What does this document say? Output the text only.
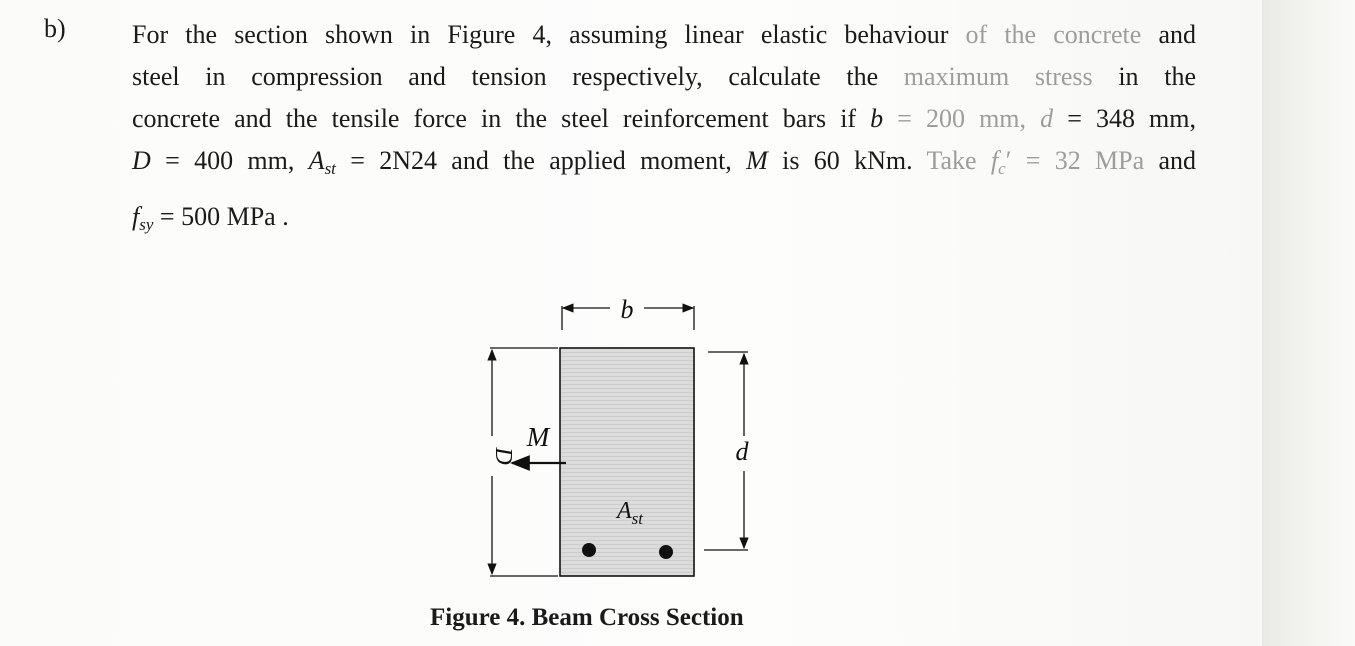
b)	For the section shown in Figure 4, assuming linear elastic behaviour of the concrete and
steel in compression and tension respectively, calculate the maximum stress in the
concrete and the tensile force in the steel reinforcement bars if b = 200 mm, d = 348 mm,
D = 400 mm, $A_{st} = 2N24$ and the applied moment, M is 60 kNm. Take $f_c' = 32$ MPa and
$f_{sy} = 500$ MPa .
b
D	d
M
$A_{st}$
Figure 4. Beam Cross Section
